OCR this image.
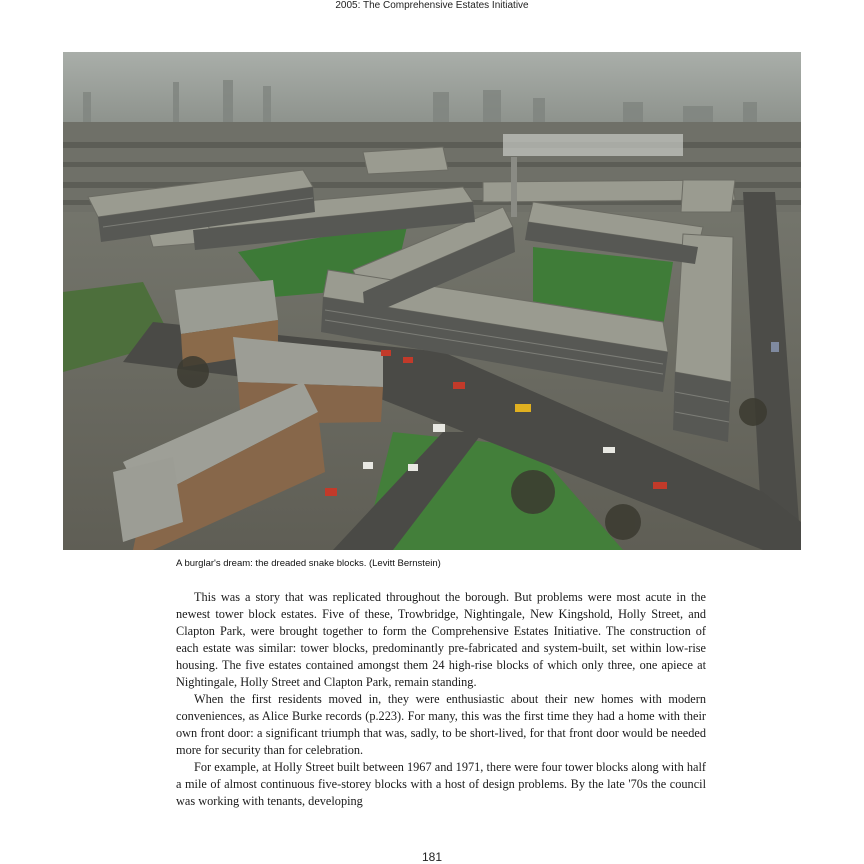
2005: The Comprehensive Estates Initiative
A burglar's dream: the dreaded snake blocks. (Levitt Bernstein)

This was a story that was replicated throughout the borough. But problems were most acute in the newest tower block estates. Five of these, Trowbridge, Nightingale, New Kingshold, Holly Street, and Clapton Park, were brought together to form the Comprehensive Estates Initiative. The construction of each estate was similar: tower blocks, predominantly pre-fabricated and system-built, set within low-rise housing. The five estates contained amongst them 24 high-rise blocks of which only three, one apiece at Nightingale, Holly Street and Clapton Park, remain standing.

When the first residents moved in, they were enthusiastic about their new homes with modern conveniences, as Alice Burke records (p.223). For many, this was the first time they had a home with their own front door: a significant triumph that was, sadly, to be short-lived, for that front door would be needed more for security than for celebration.

For example, at Holly Street built between 1967 and 1971, there were four tower blocks along with half a mile of almost continuous five-storey blocks with a host of design problems. By the late '70s the council was working with tenants, developing

181
